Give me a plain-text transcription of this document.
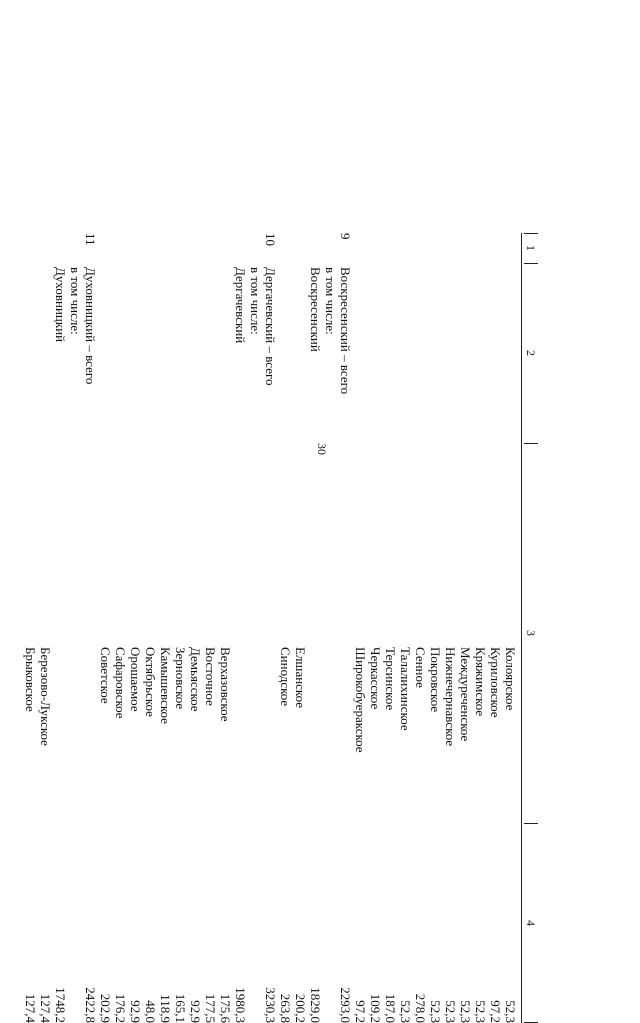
30
1
2
3
4
Колоярское
52,3
Куриловское
97,2
Кряжимское
52,3
Междуреченское
52,3
Нижнечернавское
52,3
Покровское
52,3
Сенное
278,0
Талалихинское
52,3
Терсинское
187,0
Черкасское
109,2
Широкобуеракское
97,2
9
Воскресенский – всего
2293,0
в том числе:
Воскресенский
1829,0
Елшанское
200,2
Синодское
263,8
10
Дергачевский – всего
3230,3
в том числе:
Дергачевский
1980,3
Верхазовское
175,6
Восточное
177,5
Демьясское
92,9
Зерновское
165,1
Камышевское
118,9
Октябрьское
48,0
Орошаемое
92,9
Сафаровское
176,2
Советское
202,9
11
Духовницкий – всего
2422,8
в том числе:
Духовницкий
1748,2
Березово-Лукское
127,4
Брыковское
127,4
